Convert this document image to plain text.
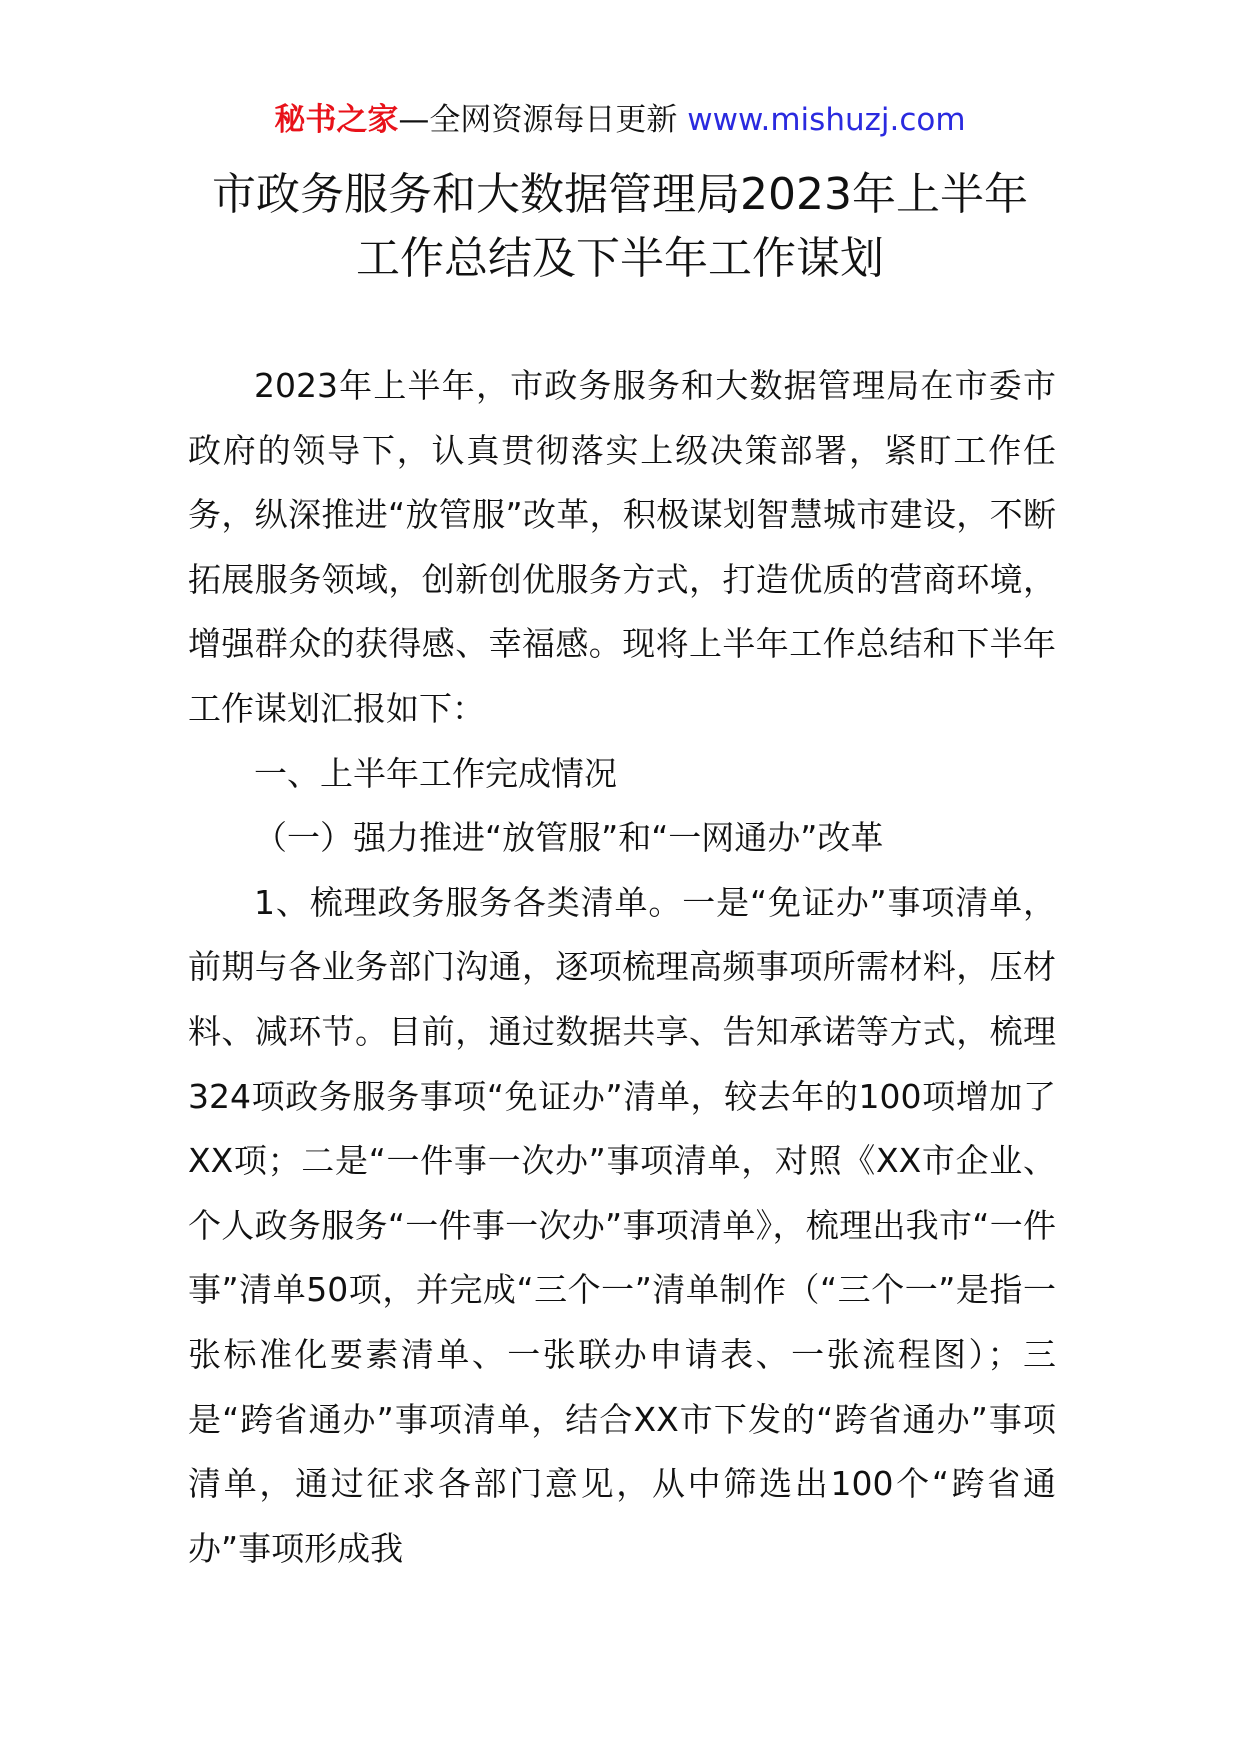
秘书之家—全网资源每日更新 www.mishuzj.com
市政务服务和大数据管理局2023年上半年
工作总结及下半年工作谋划

2023年上半年，市政务服务和大数据管理局在市委市政府的领导下，认真贯彻落实上级决策部署，紧盯工作任务，纵深推进“放管服”改革，积极谋划智慧城市建设，不断拓展服务领域，创新创优服务方式，打造优质的营商环境，增强群众的获得感、幸福感。现将上半年工作总结和下半年工作谋划汇报如下：

一、上半年工作完成情况

（一）强力推进“放管服”和“一网通办”改革

1、梳理政务服务各类清单。一是“免证办”事项清单，前期与各业务部门沟通，逐项梳理高频事项所需材料，压材料、减环节。目前，通过数据共享、告知承诺等方式，梳理324项政务服务事项“免证办”清单，较去年的100项增加了XX项；二是“一件事一次办”事项清单，对照《XX市企业、个人政务服务“一件事一次办”事项清单》，梳理出我市“一件事”清单50项，并完成“三个一”清单制作（“三个一”是指一张标准化要素清单、一张联办申请表、一张流程图）；三是“跨省通办”事项清单，结合XX市下发的“跨省通办”事项清单，通过征求各部门意见，从中筛选出100个“跨省通办”事项形成我
